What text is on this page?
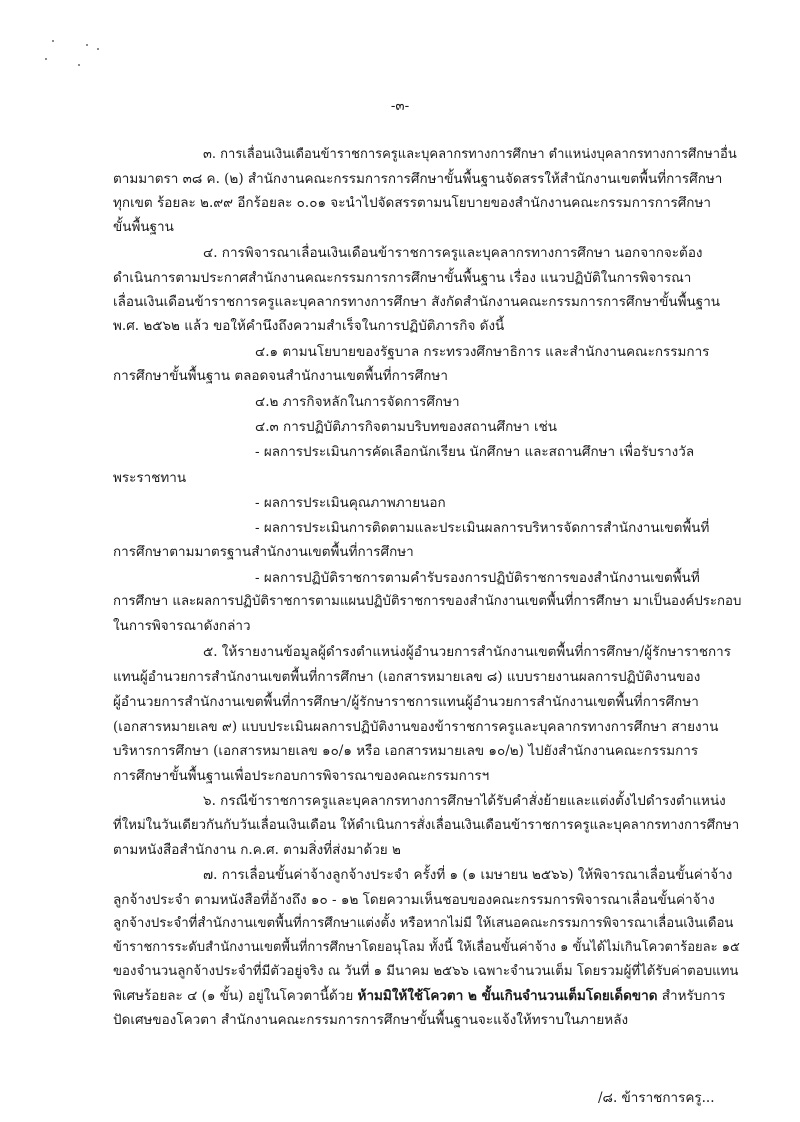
-๓-
๓. การเลื่อนเงินเดือนข้าราชการครูและบุคลากรทางการศึกษา ตำแหน่งบุคลากรทางการศึกษาอื่น
ตามมาตรา ๓๘ ค. (๒) สำนักงานคณะกรรมการการศึกษาขั้นพื้นฐานจัดสรรให้สำนักงานเขตพื้นที่การศึกษา
ทุกเขต ร้อยละ ๒.๙๙ อีกร้อยละ ๐.๐๑ จะนำไปจัดสรรตามนโยบายของสำนักงานคณะกรรมการการศึกษา
ขั้นพื้นฐาน
๔. การพิจารณาเลื่อนเงินเดือนข้าราชการครูและบุคลากรทางการศึกษา นอกจากจะต้อง
ดำเนินการตามประกาศสำนักงานคณะกรรมการการศึกษาขั้นพื้นฐาน เรื่อง แนวปฏิบัติในการพิจารณา
เลื่อนเงินเดือนข้าราชการครูและบุคลากรทางการศึกษา สังกัดสำนักงานคณะกรรมการการศึกษาขั้นพื้นฐาน
พ.ศ. ๒๕๖๒ แล้ว ขอให้คำนึงถึงความสำเร็จในการปฏิบัติภารกิจ ดังนี้
๔.๑ ตามนโยบายของรัฐบาล กระทรวงศึกษาธิการ และสำนักงานคณะกรรมการ
การศึกษาขั้นพื้นฐาน ตลอดจนสำนักงานเขตพื้นที่การศึกษา
๔.๒ ภารกิจหลักในการจัดการศึกษา
๔.๓ การปฏิบัติภารกิจตามบริบทของสถานศึกษา เช่น
- ผลการประเมินการคัดเลือกนักเรียน นักศึกษา และสถานศึกษา เพื่อรับรางวัล
พระราชทาน
- ผลการประเมินคุณภาพภายนอก
- ผลการประเมินการติดตามและประเมินผลการบริหารจัดการสำนักงานเขตพื้นที่
การศึกษาตามมาตรฐานสำนักงานเขตพื้นที่การศึกษา
- ผลการปฏิบัติราชการตามคำรับรองการปฏิบัติราชการของสำนักงานเขตพื้นที่
การศึกษา และผลการปฏิบัติราชการตามแผนปฏิบัติราชการของสำนักงานเขตพื้นที่การศึกษา มาเป็นองค์ประกอบ
ในการพิจารณาดังกล่าว
๕. ให้รายงานข้อมูลผู้ดำรงตำแหน่งผู้อำนวยการสำนักงานเขตพื้นที่การศึกษา/ผู้รักษาราชการ
แทนผู้อำนวยการสำนักงานเขตพื้นที่การศึกษา (เอกสารหมายเลข ๘) แบบรายงานผลการปฏิบัติงานของ
ผู้อำนวยการสำนักงานเขตพื้นที่การศึกษา/ผู้รักษาราชการแทนผู้อำนวยการสำนักงานเขตพื้นที่การศึกษา
(เอกสารหมายเลข ๙) แบบประเมินผลการปฏิบัติงานของข้าราชการครูและบุคลากรทางการศึกษา สายงาน
บริหารการศึกษา (เอกสารหมายเลข ๑๐/๑ หรือ เอกสารหมายเลข ๑๐/๒) ไปยังสำนักงานคณะกรรมการ
การศึกษาขั้นพื้นฐานเพื่อประกอบการพิจารณาของคณะกรรมการฯ
๖. กรณีข้าราชการครูและบุคลากรทางการศึกษาได้รับคำสั่งย้ายและแต่งตั้งไปดำรงตำแหน่ง
ที่ใหม่ในวันเดียวกันกับวันเลื่อนเงินเดือน ให้ดำเนินการสั่งเลื่อนเงินเดือนข้าราชการครูและบุคลากรทางการศึกษา
ตามหนังสือสำนักงาน ก.ค.ศ. ตามสิ่งที่ส่งมาด้วย ๒
๗. การเลื่อนขั้นค่าจ้างลูกจ้างประจำ ครั้งที่ ๑ (๑ เมษายน ๒๕๖๖) ให้พิจารณาเลื่อนขั้นค่าจ้าง
ลูกจ้างประจำ ตามหนังสือที่อ้างถึง ๑๐ - ๑๒ โดยความเห็นชอบของคณะกรรมการพิจารณาเลื่อนขั้นค่าจ้าง
ลูกจ้างประจำที่สำนักงานเขตพื้นที่การศึกษาแต่งตั้ง หรือหากไม่มี ให้เสนอคณะกรรมการพิจารณาเลื่อนเงินเดือน
ข้าราชการระดับสำนักงานเขตพื้นที่การศึกษาโดยอนุโลม ทั้งนี้ ให้เลื่อนขั้นค่าจ้าง ๑ ขั้นได้ไม่เกินโควตาร้อยละ ๑๕
ของจำนวนลูกจ้างประจำที่มีตัวอยู่จริง ณ วันที่ ๑ มีนาคม ๒๕๖๖ เฉพาะจำนวนเต็ม โดยรวมผู้ที่ได้รับค่าตอบแทน
พิเศษร้อยละ ๔ (๑ ขั้น) อยู่ในโควตานี้ด้วย ห้ามมิให้ใช้โควตา ๒ ขั้นเกินจำนวนเต็มโดยเด็ดขาด สำหรับการ
ปัดเศษของโควตา สำนักงานคณะกรรมการการศึกษาขั้นพื้นฐานจะแจ้งให้ทราบในภายหลัง
/๘. ข้าราชการครู...
